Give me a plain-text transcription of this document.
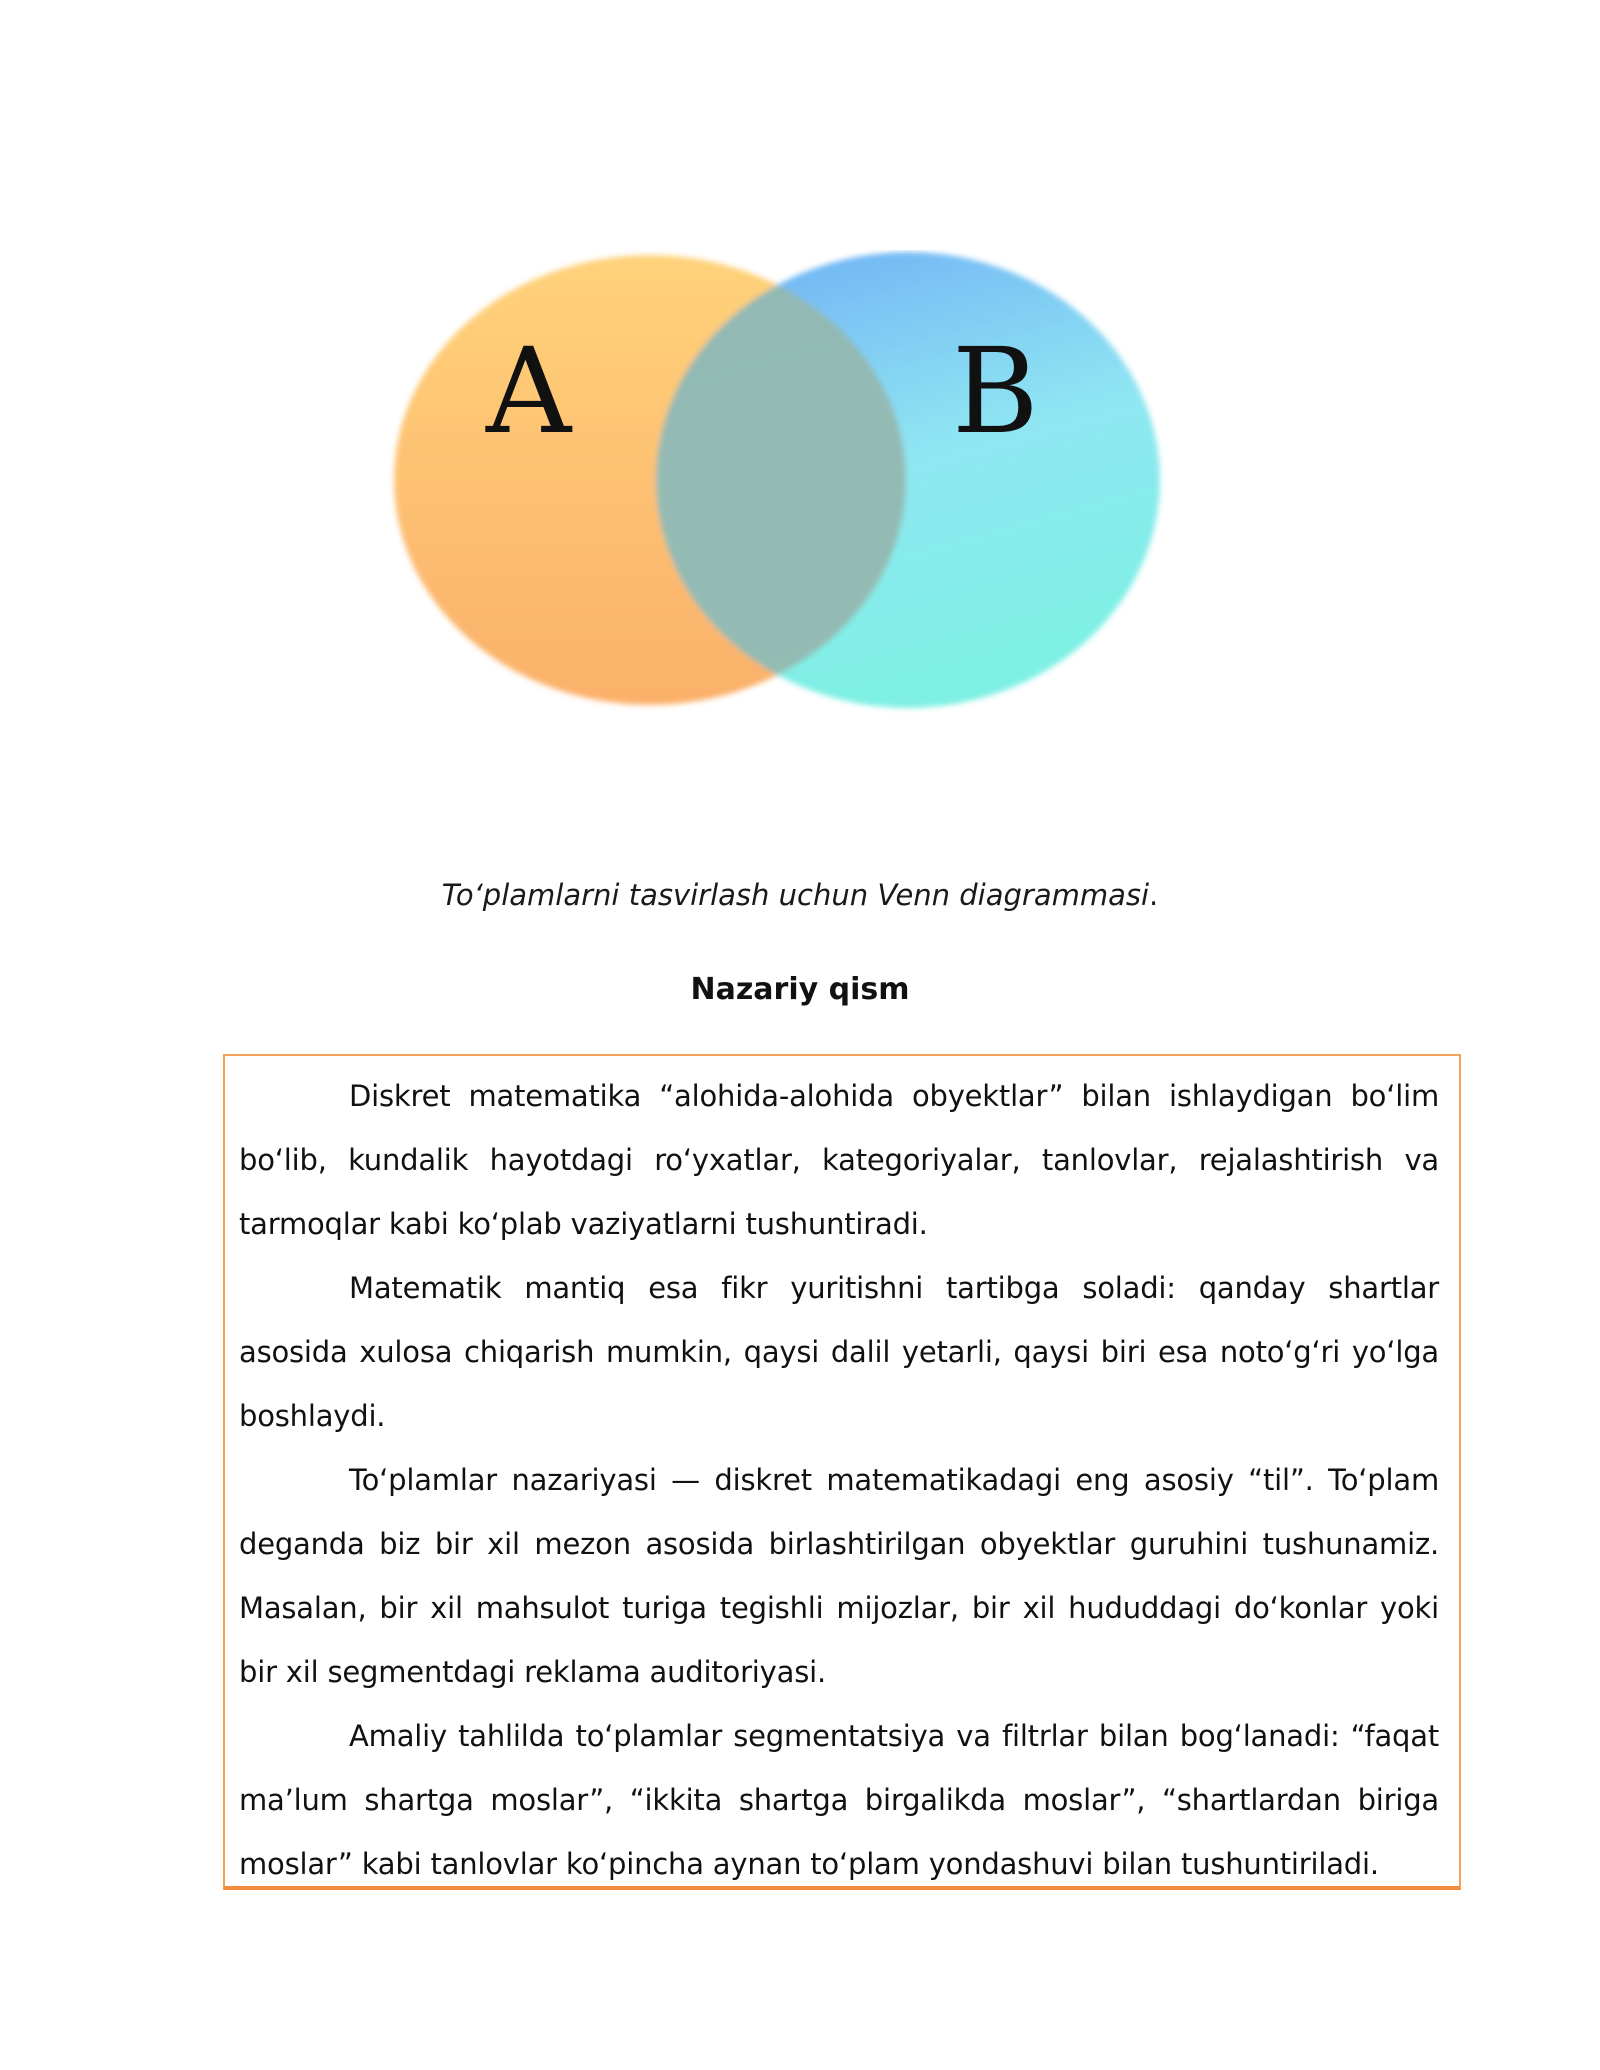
A	B
To‘plamlarni tasvirlash uchun Venn diagrammasi.
Nazariy qism

Diskret matematika “alohida-alohida obyektlar” bilan ishlaydigan bo‘lim bo‘lib, kundalik hayotdagi ro‘yxatlar, kategoriyalar, tanlovlar, rejalashtirish va tarmoqlar kabi ko‘plab vaziyatlarni tushuntiradi.

Matematik mantiq esa fikr yuritishni tartibga soladi: qanday shartlar asosida xulosa chiqarish mumkin, qaysi dalil yetarli, qaysi biri esa noto‘g‘ri yo‘lga boshlaydi.

To‘plamlar nazariyasi — diskret matematikadagi eng asosiy “til”. To‘plam deganda biz bir xil mezon asosida birlashtirilgan obyektlar guruhini tushunamiz. Masalan, bir xil mahsulot turiga tegishli mijozlar, bir xil hududdagi do‘konlar yoki bir xil segmentdagi reklama auditoriyasi.

Amaliy tahlilda to‘plamlar segmentatsiya va filtrlar bilan bog‘lanadi: “faqat ma’lum shartga moslar”, “ikkita shartga birgalikda moslar”, “shartlardan biriga moslar” kabi tanlovlar ko‘pincha aynan to‘plam yondashuvi bilan tushuntiriladi.
